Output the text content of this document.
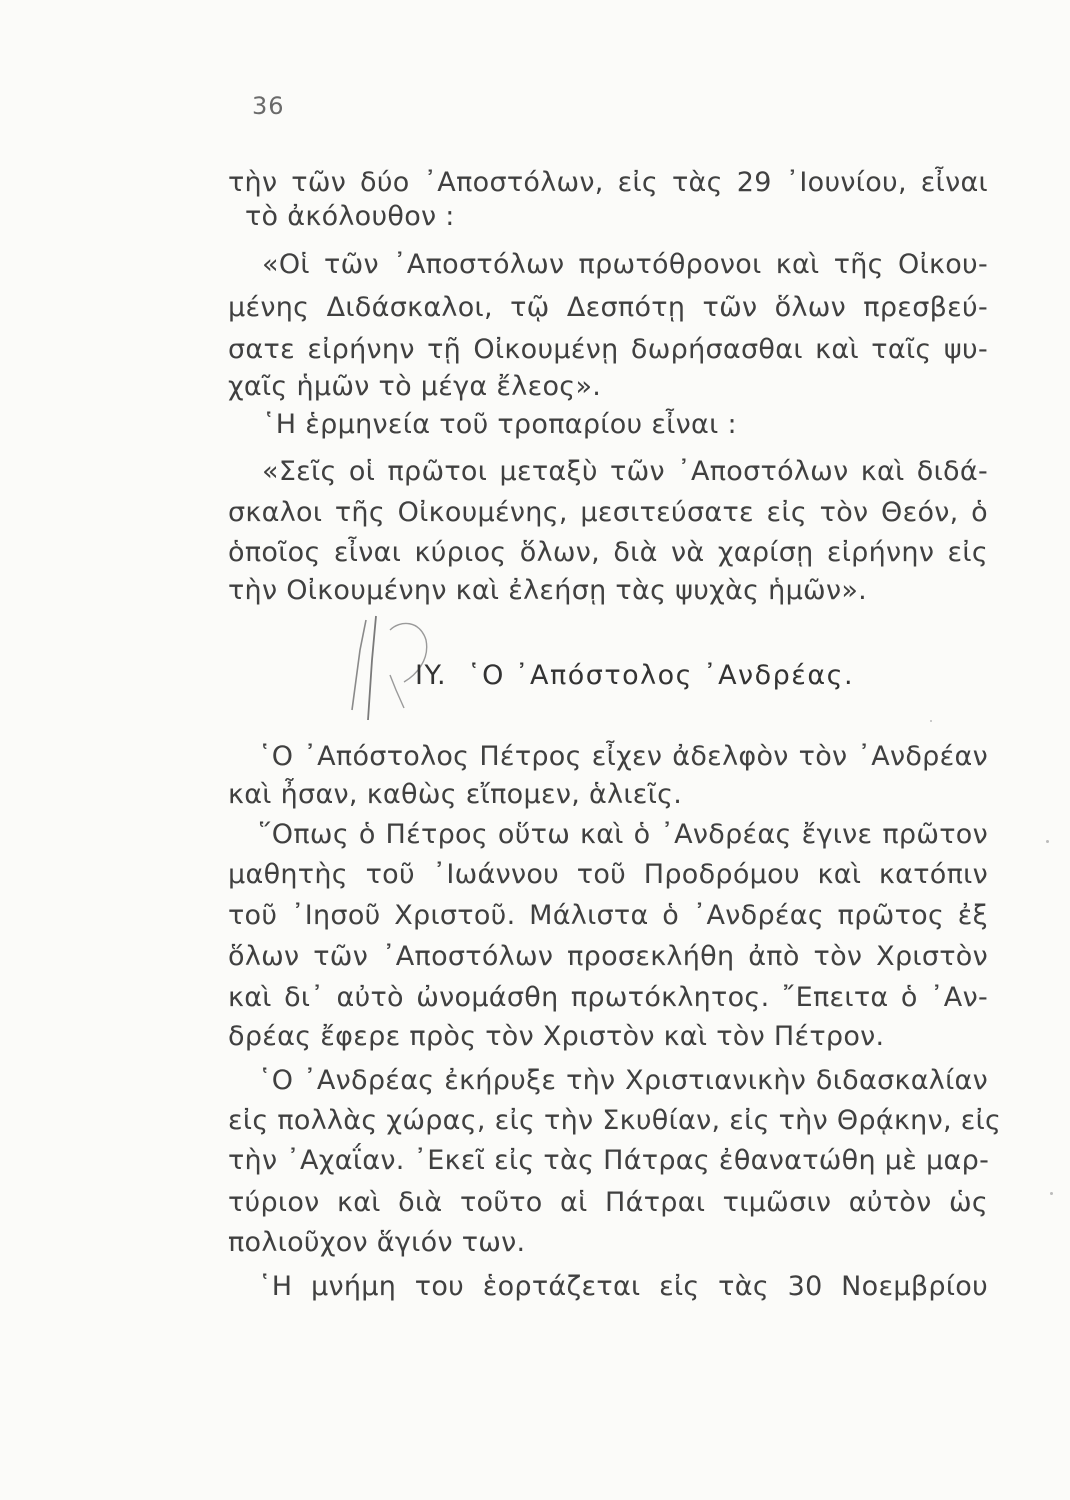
36
τὴν τῶν δύο ᾿Αποστόλων, εἰς τὰς 29 ᾿Ιουνίου, εἶναι
τὸ ἀκόλουθον :
«Οἱ τῶν ᾿Αποστόλων πρωτόθρονοι καὶ τῆς Οἰκου-
μένης Διδάσκαλοι, τῷ Δεσπότῃ τῶν ὅλων πρεσβεύ-
σατε εἰρήνην τῇ Οἰκουμένῃ δωρήσασθαι καὶ ταῖς ψυ-
χαῖς ἡμῶν τὸ μέγα ἔλεος».
῾Η ἑρμηνεία τοῦ τροπαρίου εἶναι :
«Σεῖς οἱ πρῶτοι μεταξὺ τῶν ᾿Αποστόλων καὶ διδά-
σκαλοι τῆς Οἰκουμένης, μεσιτεύσατε εἰς τὸν Θεόν, ὁ
ὁποῖος εἶναι κύριος ὅλων, διὰ νὰ χαρίσῃ εἰρήνην εἰς
τὴν Οἰκουμένην καὶ ἐλεήσῃ τὰς ψυχὰς ἡμῶν».
IY. ῾Ο ᾿Απόστολος ᾿Ανδρέας.
῾Ο ᾿Απόστολος Πέτρος εἶχεν ἀδελφὸν τὸν ᾿Ανδρέαν
καὶ ἦσαν, καθὼς εἴπομεν, ἁλιεῖς.
῞Οπως ὁ Πέτρος οὕτω καὶ ὁ ᾿Ανδρέας ἔγινε πρῶτον
μαθητὴς τοῦ ᾿Ιωάννου τοῦ Προδρόμου καὶ κατόπιν
τοῦ ᾿Ιησοῦ Χριστοῦ. Μάλιστα ὁ ᾿Ανδρέας πρῶτος ἐξ
ὅλων τῶν ᾿Αποστόλων προσεκλήθη ἀπὸ τὸν Χριστὸν
καὶ δι᾿ αὐτὸ ὠνομάσθη πρωτόκλητος. ῎Επειτα ὁ ᾿Αν-
δρέας ἔφερε πρὸς τὸν Χριστὸν καὶ τὸν Πέτρον.
῾Ο ᾿Ανδρέας ἐκήρυξε τὴν Χριστιανικὴν διδασκαλίαν
εἰς πολλὰς χώρας, εἰς τὴν Σκυθίαν, εἰς τὴν Θρᾴκην, εἰς
τὴν ᾿Αχαΐαν. ᾿Εκεῖ εἰς τὰς Πάτρας ἐθανατώθη μὲ μαρ-
τύριον καὶ διὰ τοῦτο αἱ Πάτραι τιμῶσιν αὐτὸν ὡς
πολιοῦχον ἅγιόν των.
῾Η μνήμη του ἑορτάζεται εἰς τὰς 30 Νοεμβρίου
